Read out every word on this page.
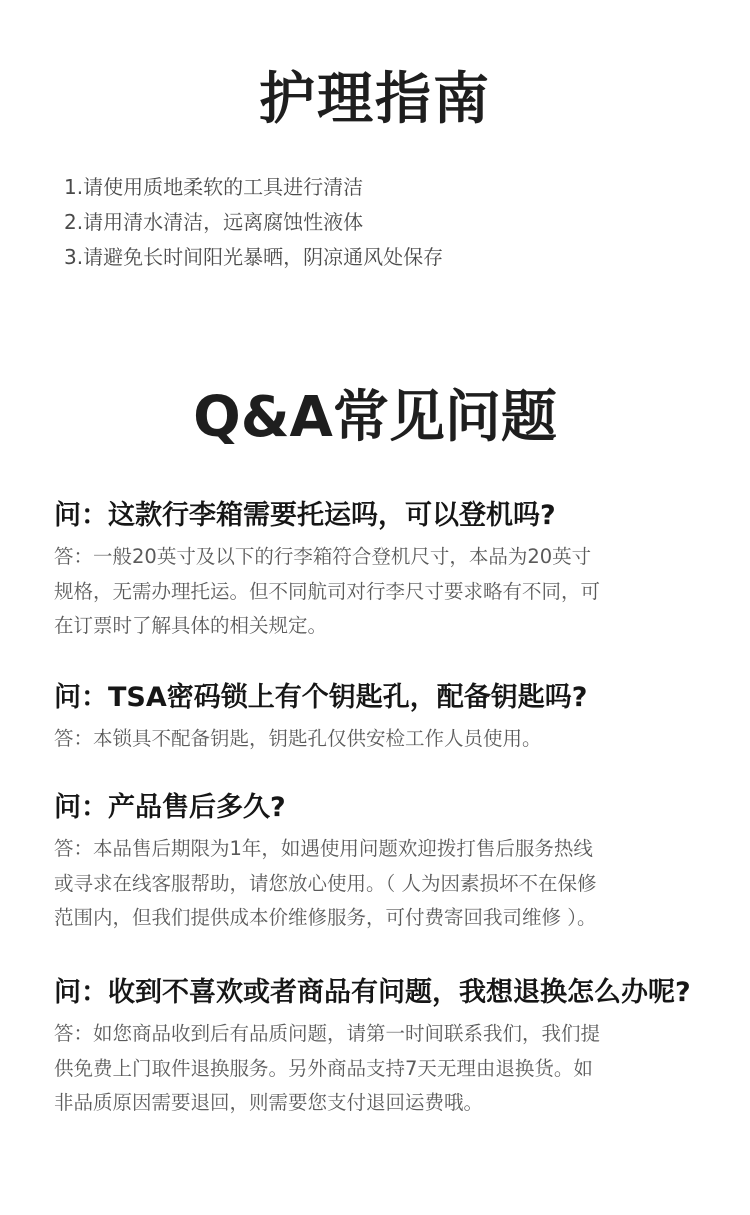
护理指南
1.请使用质地柔软的工具进行清洁
2.请用清水清洁，远离腐蚀性液体
3.请避免长时间阳光暴晒，阴凉通风处保存
Q&A常见问题

问：这款行李箱需要托运吗，可以登机吗?

答：一般20英寸及以下的行李箱符合登机尺寸，本品为20英寸
规格，无需办理托运。但不同航司对行李尺寸要求略有不同，可
在订票时了解具体的相关规定。

问：TSA密码锁上有个钥匙孔，配备钥匙吗?

答：本锁具不配备钥匙，钥匙孔仅供安检工作人员使用。

问：产品售后多久?

答：本品售后期限为1年，如遇使用问题欢迎拨打售后服务热线
或寻求在线客服帮助，请您放心使用。（ 人为因素损坏不在保修
范围内，但我们提供成本价维修服务，可付费寄回我司维修 ）。

问：收到不喜欢或者商品有问题，我想退换怎么办呢?

答：如您商品收到后有品质问题，请第一时间联系我们，我们提
供免费上门取件退换服务。另外商品支持7天无理由退换货。如
非品质原因需要退回，则需要您支付退回运费哦。
